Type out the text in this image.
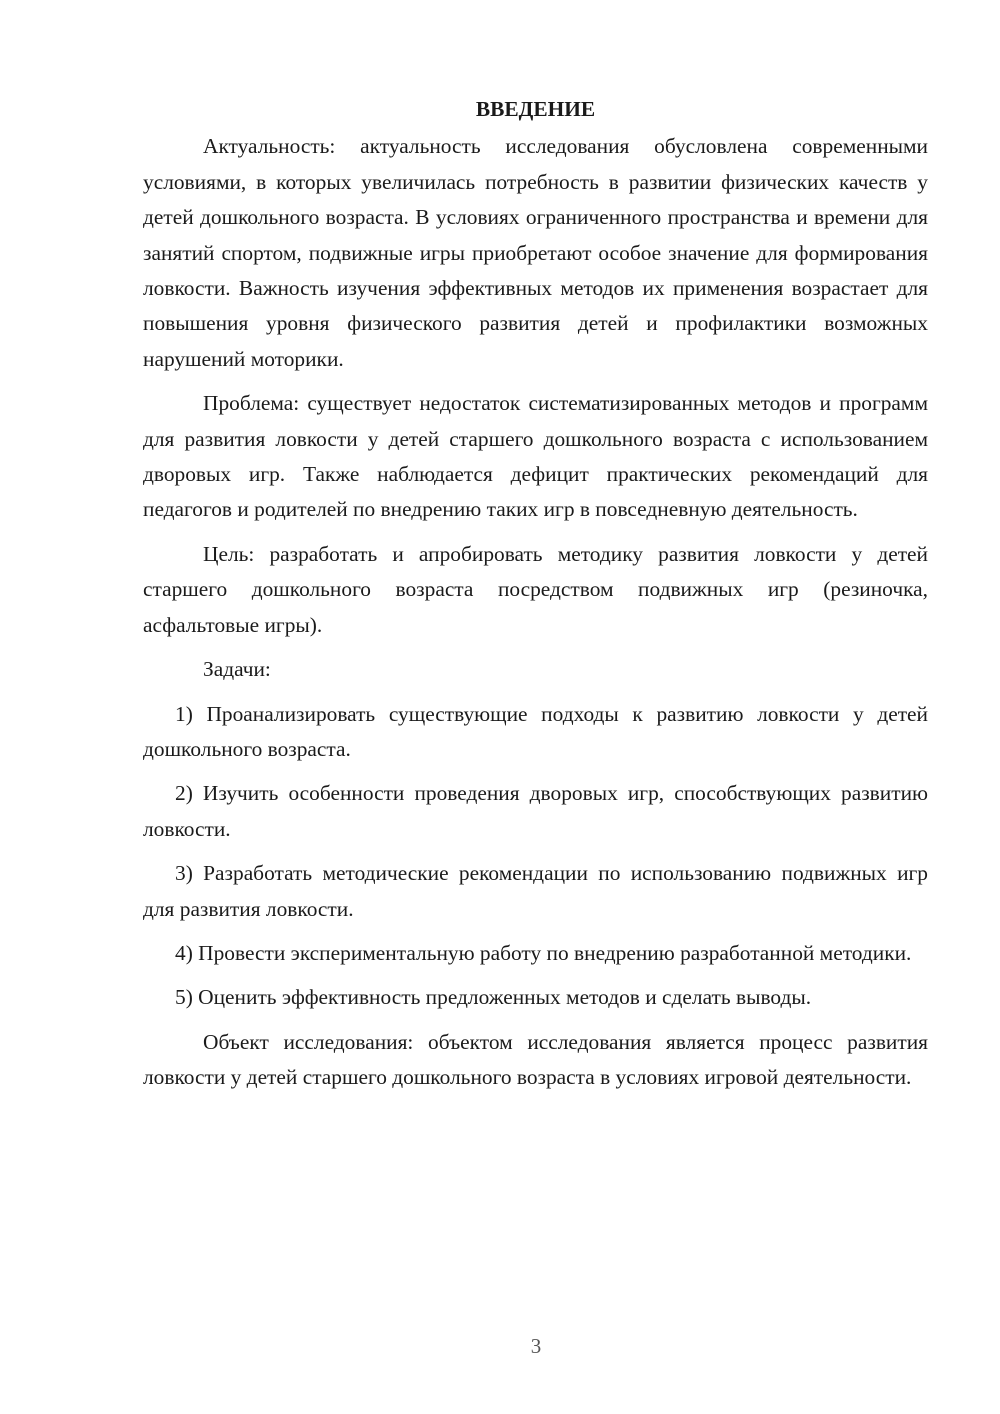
ВВЕДЕНИЕ

Актуальность: актуальность исследования обусловлена современными условиями, в которых увеличилась потребность в развитии физических качеств у детей дошкольного возраста. В условиях ограниченного пространства и времени для занятий спортом, подвижные игры приобретают особое значение для формирования ловкости. Важность изучения эффективных методов их применения возрастает для повышения уровня физического развития детей и профилактики возможных нарушений моторики.

Проблема: существует недостаток систематизированных методов и программ для развития ловкости у детей старшего дошкольного возраста с использованием дворовых игр. Также наблюдается дефицит практических рекомендаций для педагогов и родителей по внедрению таких игр в повседневную деятельность.

Цель: разработать и апробировать методику развития ловкости у детей старшего дошкольного возраста посредством подвижных игр (резиночка, асфальтовые игры).

Задачи:

1) Проанализировать существующие подходы к развитию ловкости у детей дошкольного возраста.

2) Изучить особенности проведения дворовых игр, способствующих развитию ловкости.

3) Разработать методические рекомендации по использованию подвижных игр для развития ловкости.

4) Провести экспериментальную работу по внедрению разработанной методики.

5) Оценить эффективность предложенных методов и сделать выводы.

Объект исследования: объектом исследования является процесс развития ловкости у детей старшего дошкольного возраста в условиях игровой деятельности.

3
